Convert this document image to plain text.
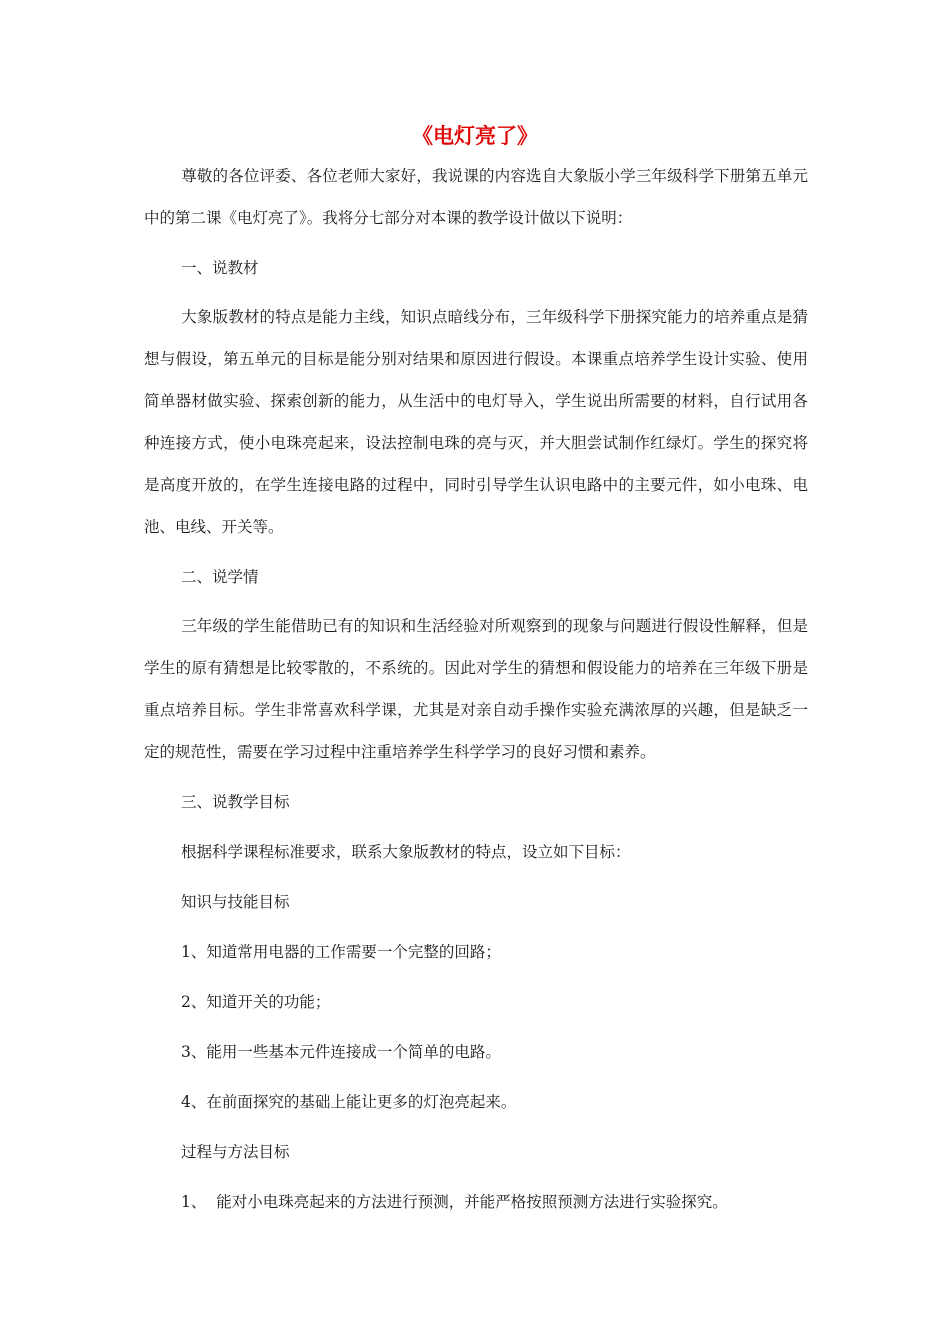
《电灯亮了》

尊敬的各位评委、各位老师大家好，我说课的内容选自大象版小学三年级科学下册第五单元中的第二课《电灯亮了》。我将分七部分对本课的教学设计做以下说明：

一、说教材

大象版教材的特点是能力主线，知识点暗线分布，三年级科学下册探究能力的培养重点是猜想与假设，第五单元的目标是能分别对结果和原因进行假设。本课重点培养学生设计实验、使用简单器材做实验、探索创新的能力，从生活中的电灯导入，学生说出所需要的材料，自行试用各种连接方式，使小电珠亮起来，设法控制电珠的亮与灭，并大胆尝试制作红绿灯。学生的探究将是高度开放的，在学生连接电路的过程中，同时引导学生认识电路中的主要元件，如小电珠、电池、电线、开关等。

二、说学情

三年级的学生能借助已有的知识和生活经验对所观察到的现象与问题进行假设性解释，但是学生的原有猜想是比较零散的，不系统的。因此对学生的猜想和假设能力的培养在三年级下册是重点培养目标。学生非常喜欢科学课，尤其是对亲自动手操作实验充满浓厚的兴趣，但是缺乏一定的规范性，需要在学习过程中注重培养学生科学学习的良好习惯和素养。

三、说教学目标

根据科学课程标准要求，联系大象版教材的特点，设立如下目标：

知识与技能目标

1、知道常用电器的工作需要一个完整的回路；

2、知道开关的功能；

3、能用一些基本元件连接成一个简单的电路。

4、在前面探究的基础上能让更多的灯泡亮起来。

过程与方法目标

1、  能对小电珠亮起来的方法进行预测，并能严格按照预测方法进行实验探究。
